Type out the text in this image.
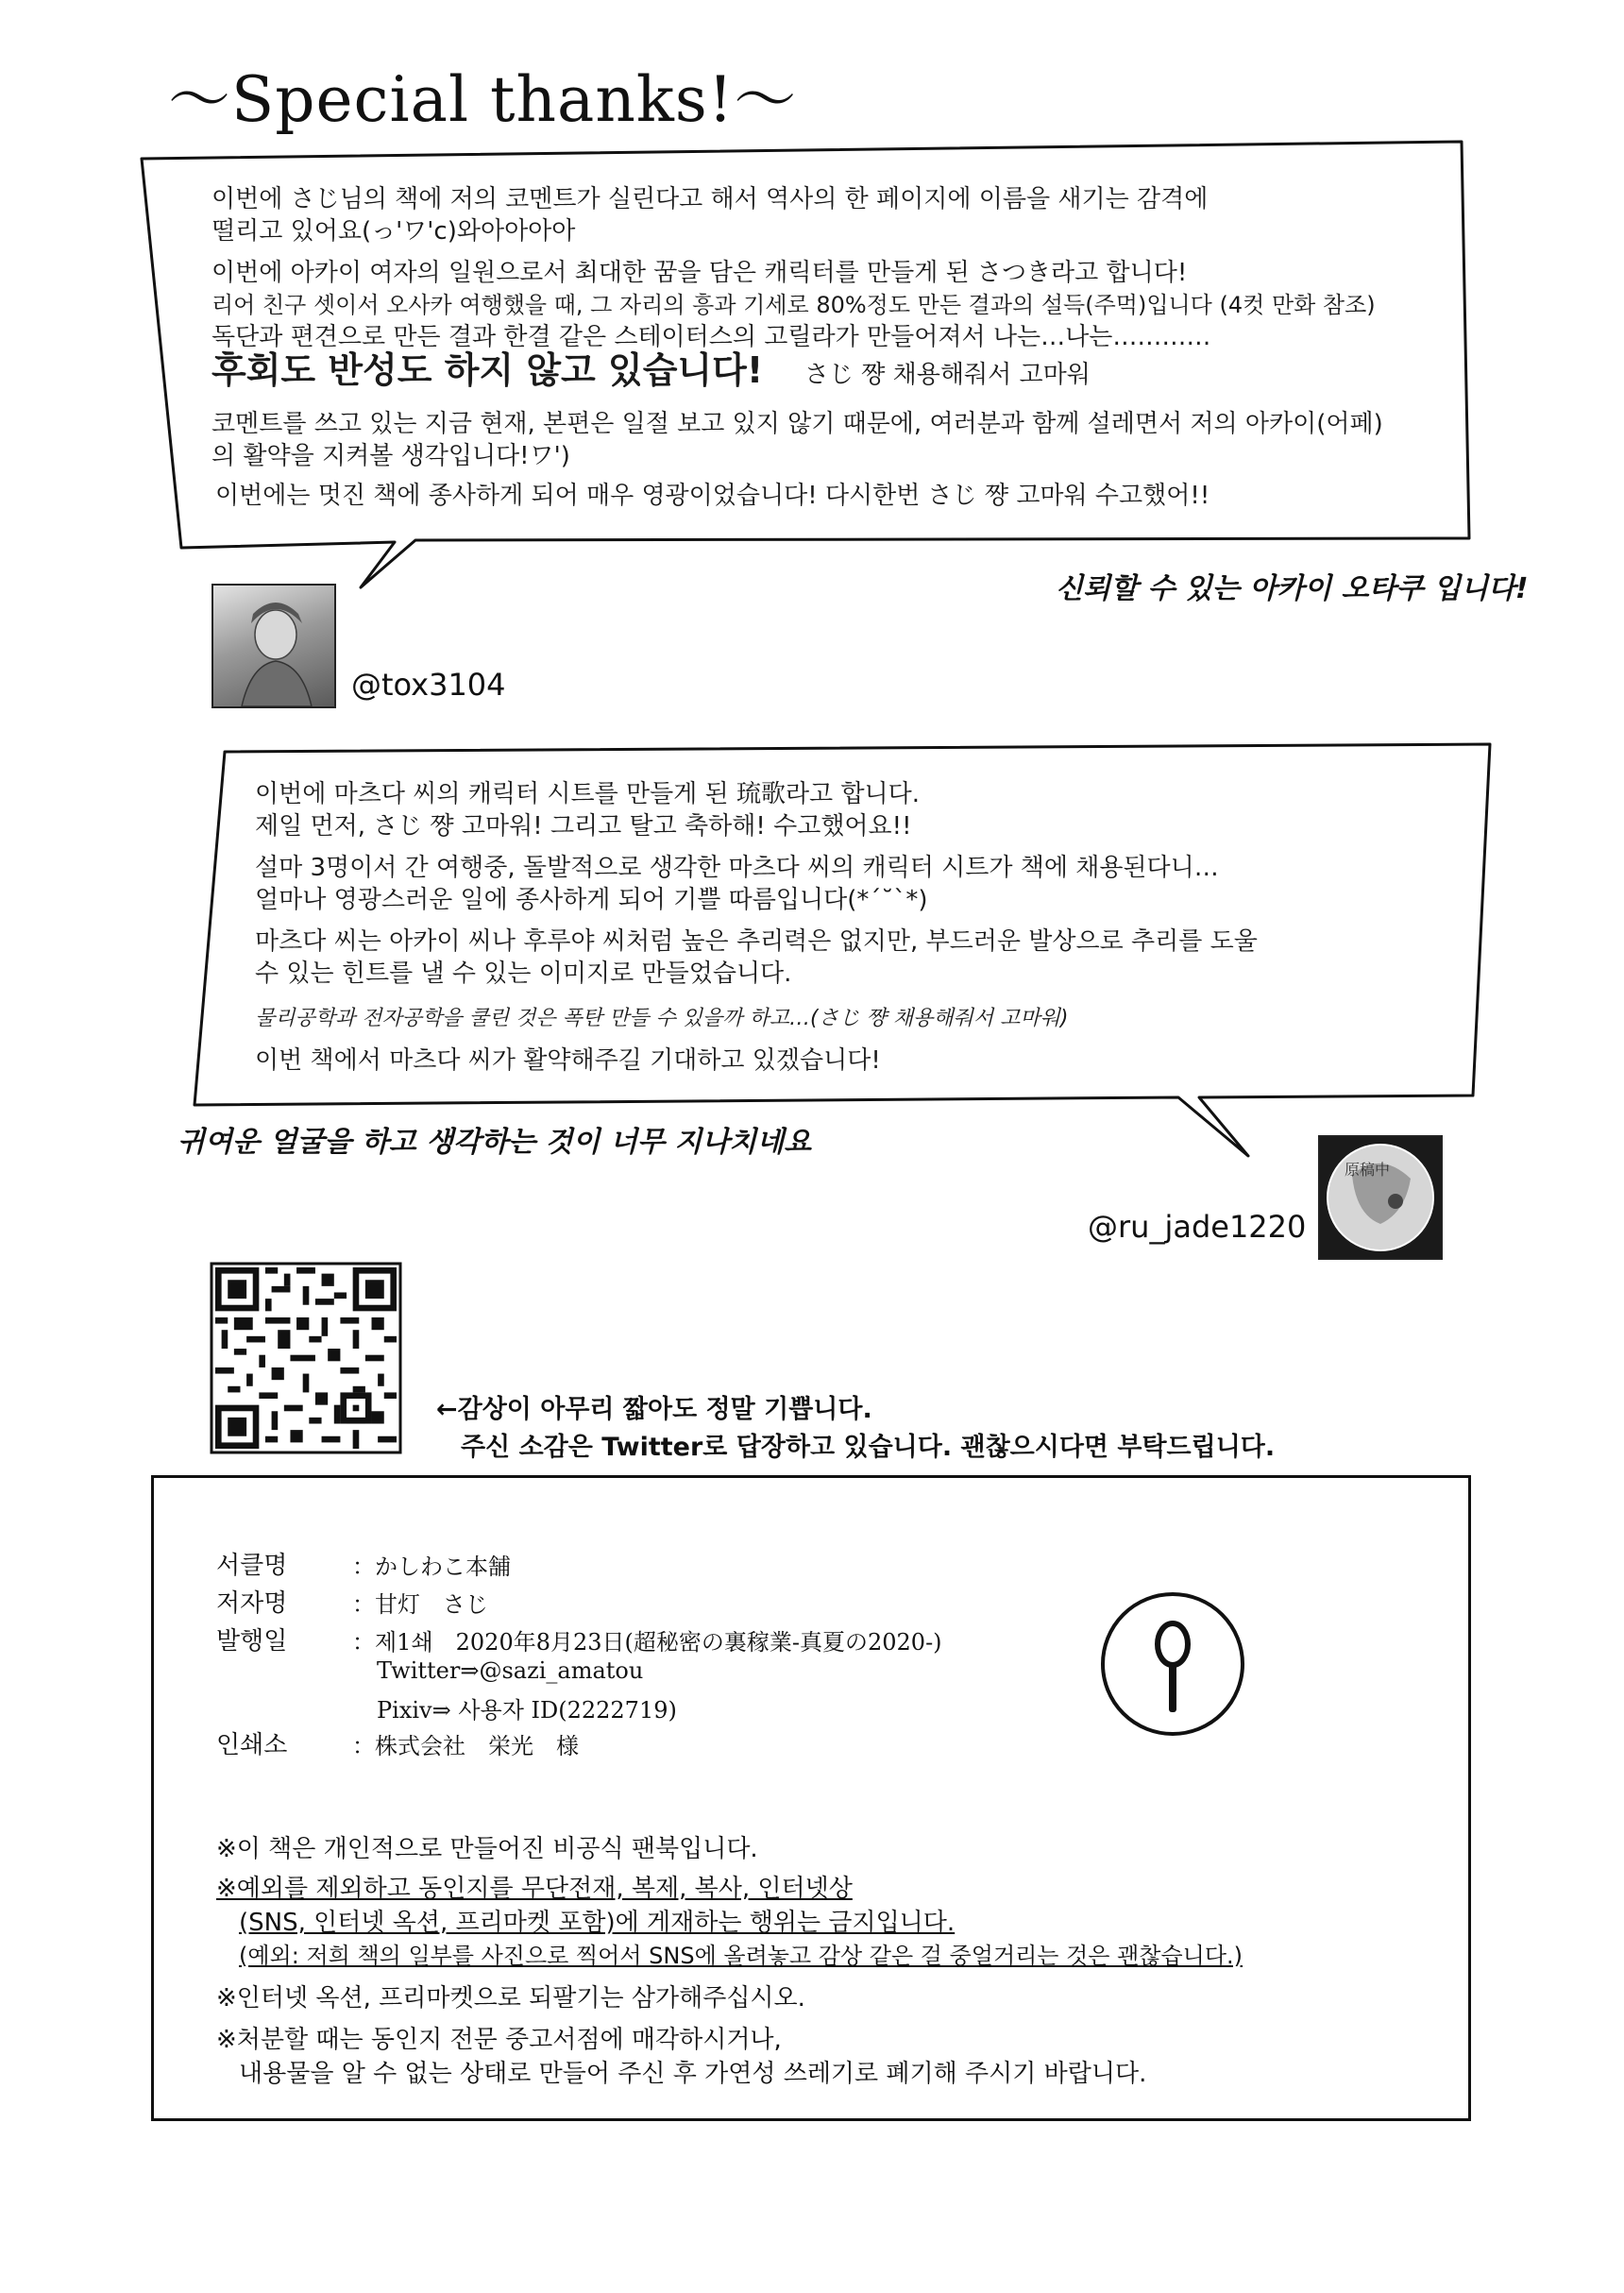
～Special thanks!～
이번에 さじ님의 책에 저의 코멘트가 실린다고 해서 역사의 한 페이지에 이름을 새기는 감격에
떨리고 있어요(っ'ワ'c)와아아아아
이번에 아카이 여자의 일원으로서 최대한 꿈을 담은 캐릭터를 만들게 된 さつき라고 합니다!
리어 친구 셋이서 오사카 여행했을 때, 그 자리의 흥과 기세로 80%정도 만든 결과의 설득(주먹)입니다 (4컷 만화 참조)
독단과 편견으로 만든 결과 한결 같은 스테이터스의 고릴라가 만들어져서 나는…나는…………
후회도 반성도 하지 않고 있습니다! さじ 쨩 채용해줘서 고마워
코멘트를 쓰고 있는 지금 현재, 본편은 일절 보고 있지 않기 때문에, 여러분과 함께 설레면서 저의 아카이(어페)
의 활약을 지켜볼 생각입니다!ワ')
이번에는 멋진 책에 종사하게 되어 매우 영광이었습니다! 다시한번 さじ 쨩 고마워 수고했어!!
신뢰할 수 있는 아카이 오타쿠 입니다!
@tox3104
이번에 마츠다 씨의 캐릭터 시트를 만들게 된 琉歌라고 합니다.
제일 먼저, さじ 쨩 고마워! 그리고 탈고 축하해! 수고했어요!!
설마 3명이서 간 여행중, 돌발적으로 생각한 마츠다 씨의 캐릭터 시트가 책에 채용된다니…
얼마나 영광스러운 일에 종사하게 되어 기쁠 따름입니다(*´˘`*)
마츠다 씨는 아카이 씨나 후루야 씨처럼 높은 추리력은 없지만, 부드러운 발상으로 추리를 도울
수 있는 힌트를 낼 수 있는 이미지로 만들었습니다.
물리공학과 전자공학을 쿨린 것은 폭탄 만들 수 있을까 하고…(さじ 쨩 채용해줘서 고마워)
이번 책에서 마츠다 씨가 활약해주길 기대하고 있겠습니다!
귀여운 얼굴을 하고 생각하는 것이 너무 지나치네요
原稿中
@ru_jade1220
←감상이 아무리 짧아도 정말 기쁩니다.
주신 소감은 Twitter로 답장하고 있습니다. 괜찮으시다면 부탁드립니다.
서클명	：かしわこ本舗
저자명	：甘灯　さじ
발행일	：제1쇄　2020年8月23日(超秘密の裏稼業-真夏の2020-)
Twitter⇒@sazi_amatou
Pixiv⇒ 사용자 ID(2222719)
인쇄소	：株式会社　栄光　様
※이 책은 개인적으로 만들어진 비공식 팬북입니다.
※예외를 제외하고 동인지를 무단전재, 복제, 복사, 인터넷상
(SNS, 인터넷 옥션, 프리마켓 포함)에 게재하는 행위는 금지입니다.
(예외: 저희 책의 일부를 사진으로 찍어서 SNS에 올려놓고 감상 같은 걸 중얼거리는 것은 괜찮습니다.)
※인터넷 옥션, 프리마켓으로 되팔기는 삼가해주십시오.
※처분할 때는 동인지 전문 중고서점에 매각하시거나,
내용물을 알 수 없는 상태로 만들어 주신 후 가연성 쓰레기로 폐기해 주시기 바랍니다.
